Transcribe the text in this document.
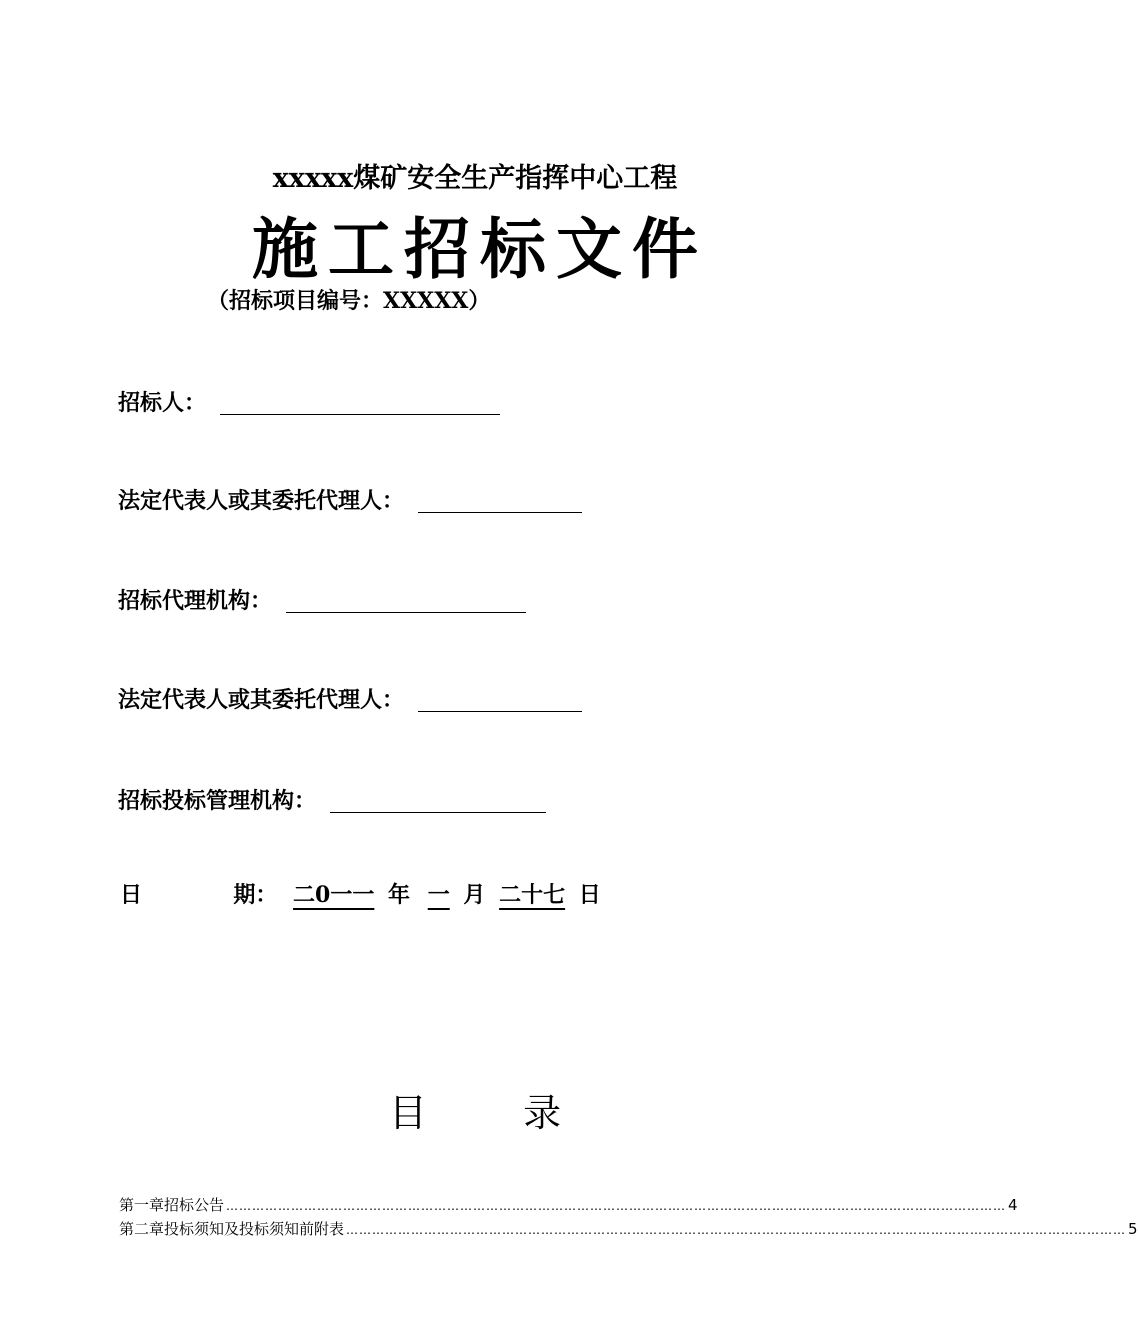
xxxxx煤矿安全生产指挥中心工程
施工招标文件
（招标项目编号：XXXXX）
招标人：
法定代表人或其委托代理人：
招标代理机构：
法定代表人或其委托代理人：
招标投标管理机构：
日	期： 二0一一 年 一 月 二十七 日
目	录
第一章 招标公告 ……………………………………………………………………………………………………………………………………………………………… 4
第二章 投标须知及投标须知前附表 ……………………………………………………………………………………………………………………………………………………………… 5
